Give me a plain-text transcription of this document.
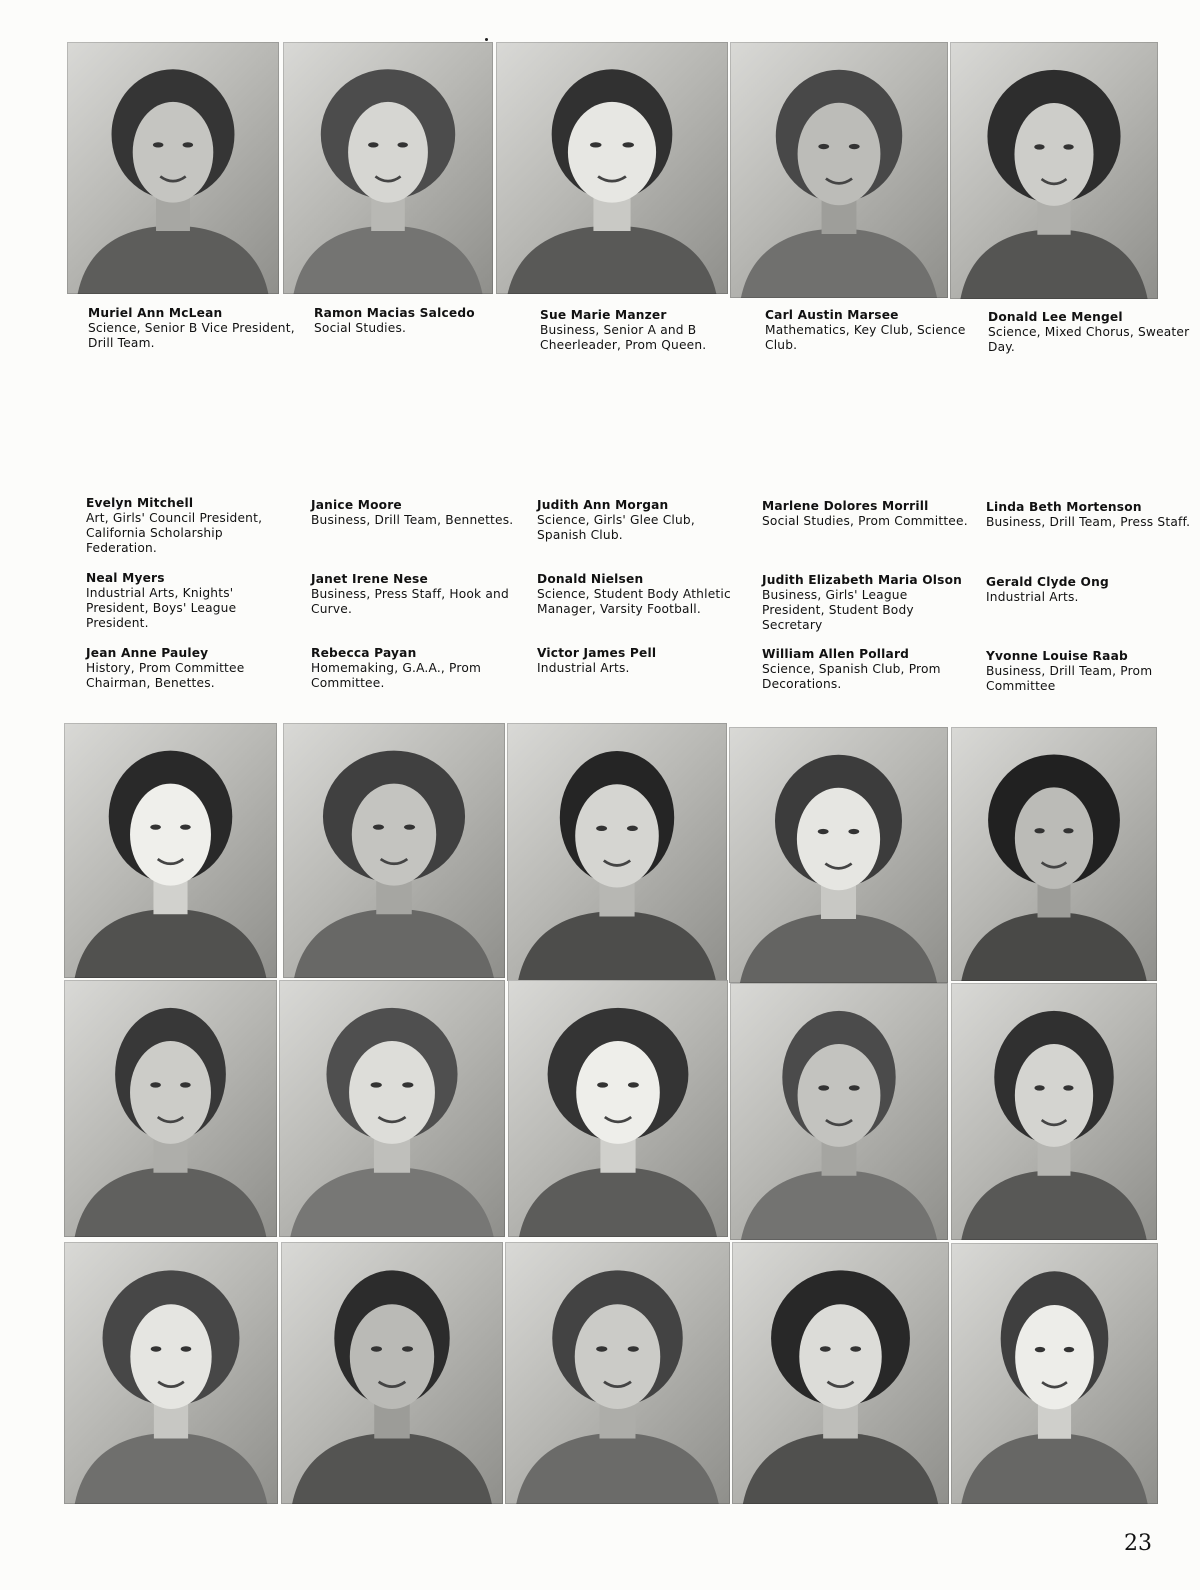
Muriel Ann McLean
Science, Senior B Vice President, Drill Team.
Ramon Macias Salcedo
Social Studies.
Sue Marie Manzer
Business, Senior A and B Cheerleader, Prom Queen.
Carl Austin Marsee
Mathematics, Key Club, Science Club.
Donald Lee Mengel
Science, Mixed Chorus, Sweater Day.
Evelyn Mitchell
Art, Girls' Council President, California Scholarship Federation.
Janice Moore
Business, Drill Team, Bennettes.
Judith Ann Morgan
Science, Girls' Glee Club, Spanish Club.
Marlene Dolores Morrill
Social Studies, Prom Committee.
Linda Beth Mortenson
Business, Drill Team, Press Staff.
Neal Myers
Industrial Arts, Knights' President, Boys' League President.
Janet Irene Nese
Business, Press Staff, Hook and Curve.
Donald Nielsen
Science, Student Body Athletic Manager, Varsity Football.
Judith Elizabeth Maria Olson
Business, Girls' League President, Student Body Secretary
Gerald Clyde Ong
Industrial Arts.
Jean Anne Pauley
History, Prom Committee Chairman, Benettes.
Rebecca Payan
Homemaking, G.A.A., Prom Committee.
Victor James Pell
Industrial Arts.
William Allen Pollard
Science, Spanish Club, Prom Decorations.
Yvonne Louise Raab
Business, Drill Team, Prom Committee
23
